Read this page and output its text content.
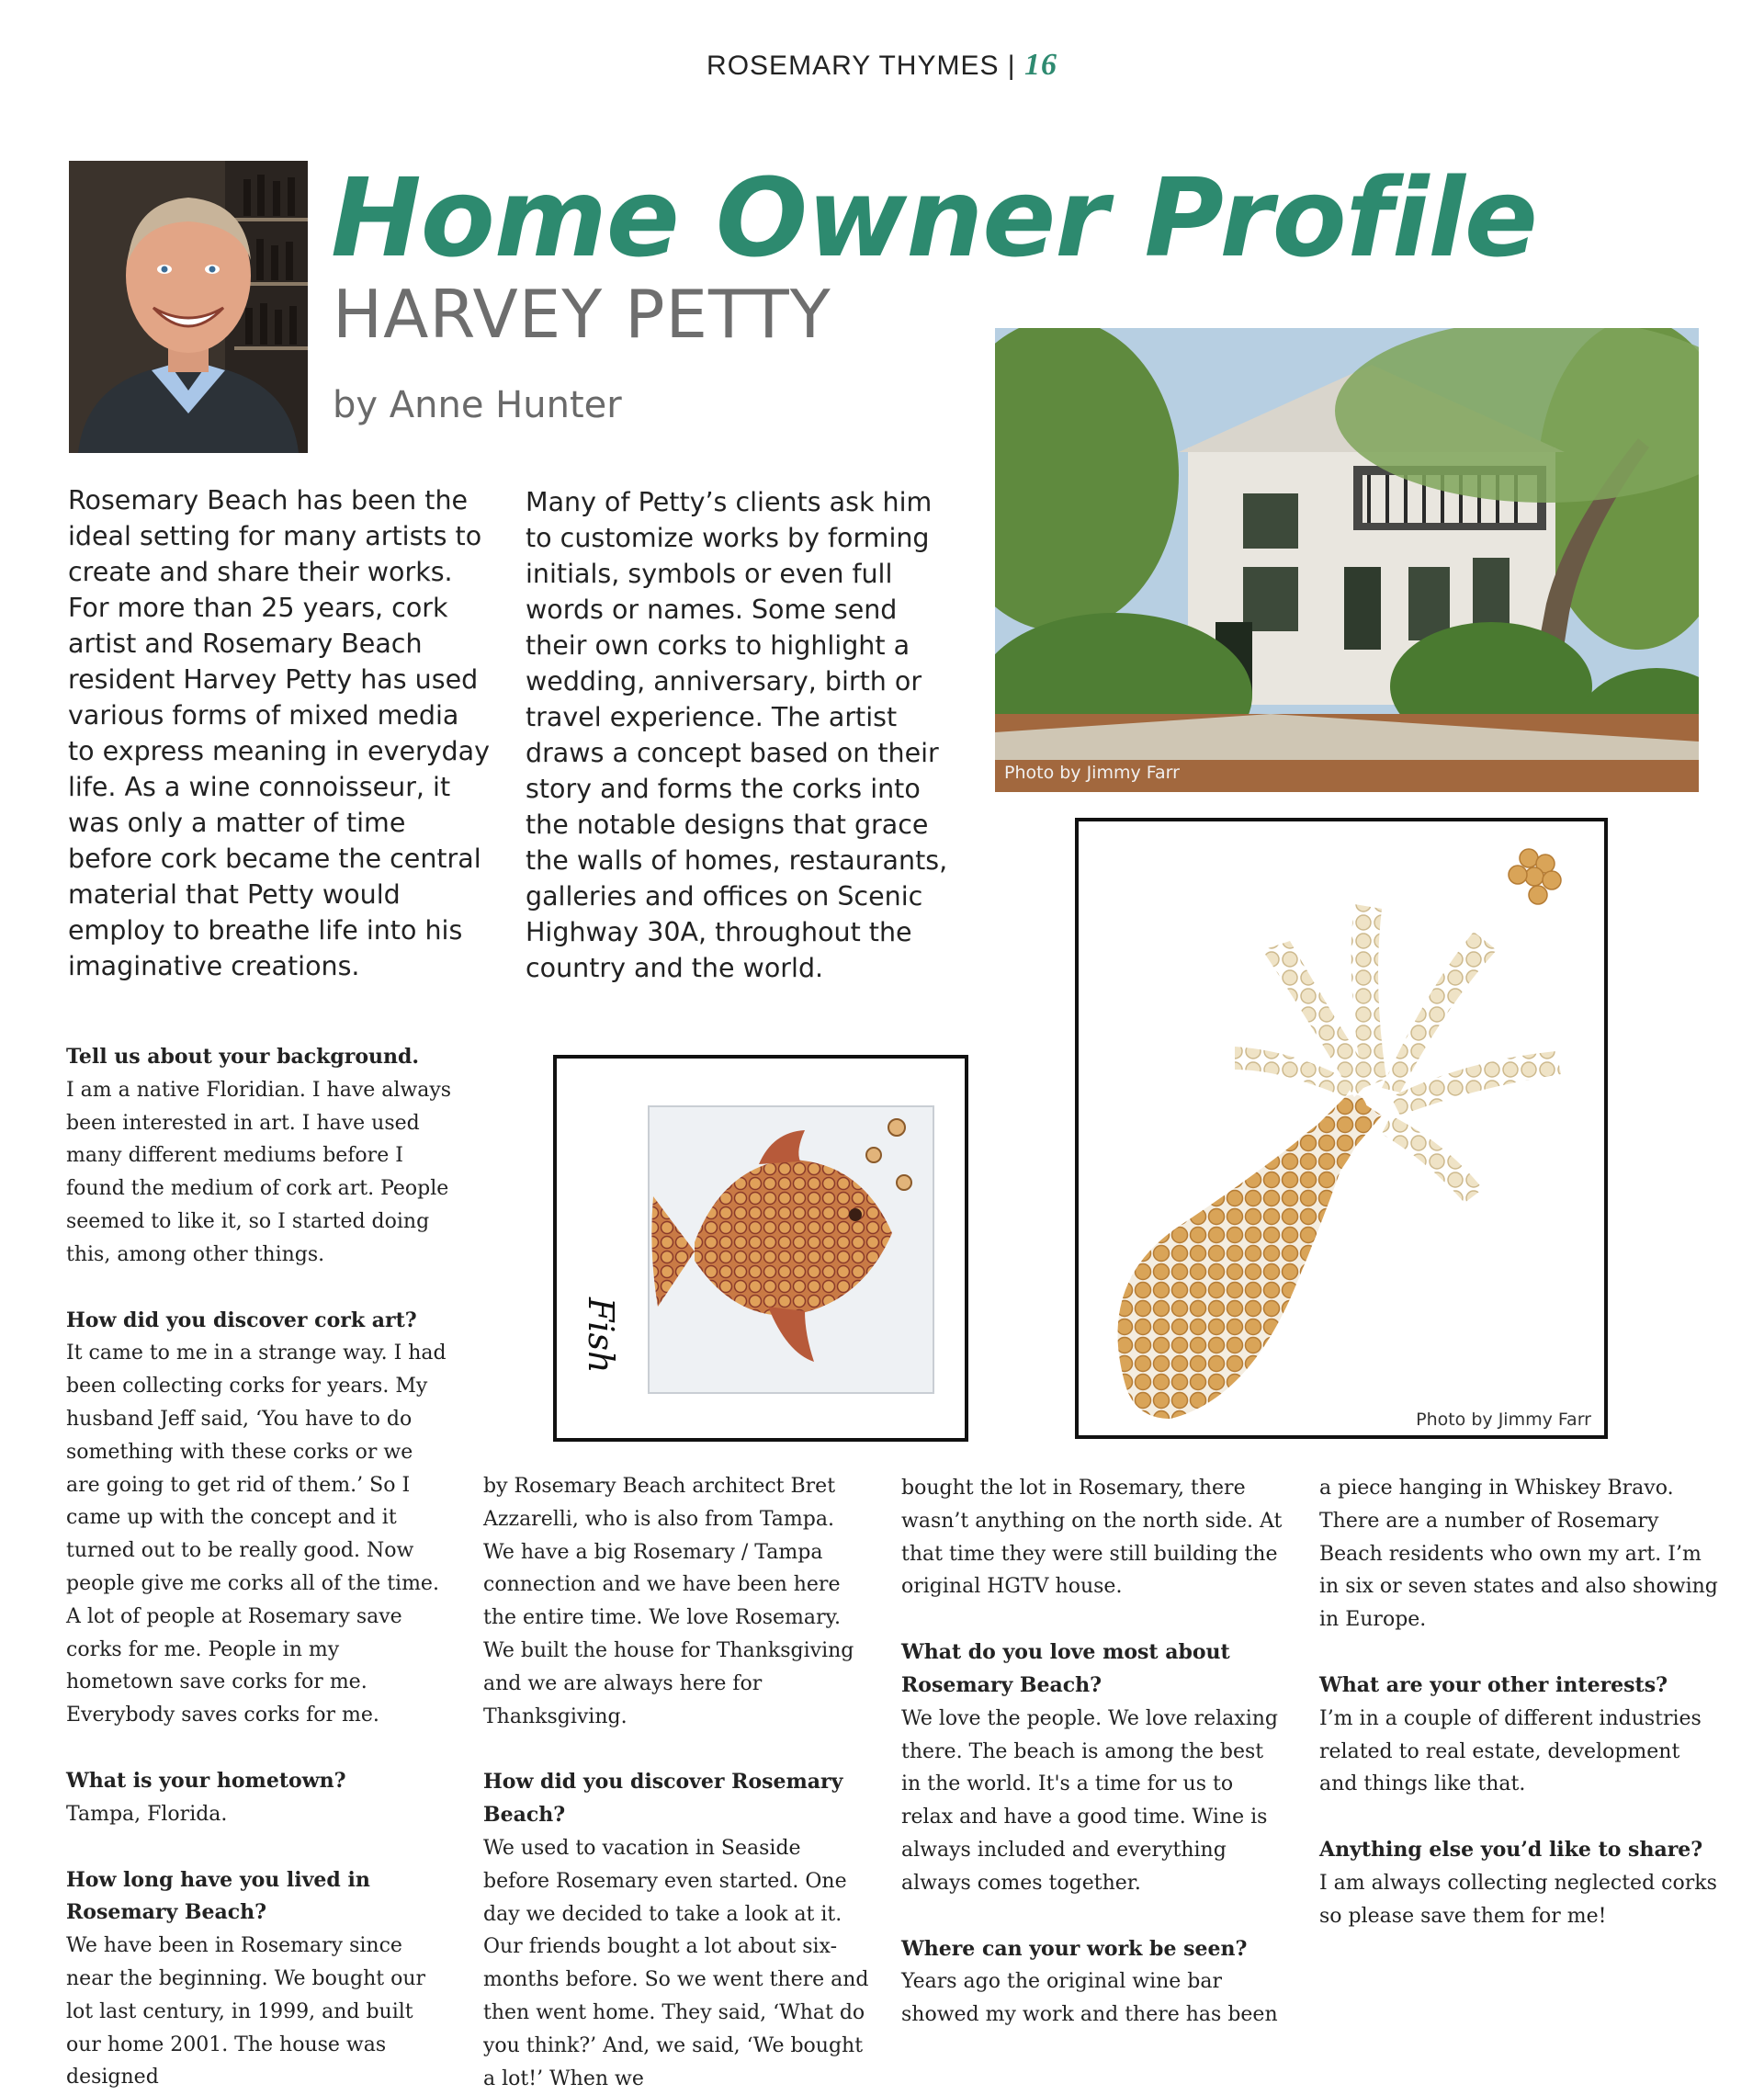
ROSEMARY THYMES | 16
Home Owner Profile
HARVEY PETTY
by Anne Hunter

Rosemary Beach has been the ideal setting for many artists to create and share their works. For more than 25 years, cork artist and Rosemary Beach resident Harvey Petty has used various forms of mixed media to express meaning in everyday life. As a wine connoisseur, it was only a matter of time before cork became the central material that Petty would employ to breathe life into his imaginative creations.

Many of Petty’s clients ask him to customize works by forming initials, symbols or even full words or names. Some send their own corks to highlight a wedding, anniversary, birth or travel experience. The artist draws a concept based on their story and forms the corks into the notable designs that grace the walls of homes, restaurants, galleries and offices on Scenic Highway 30A, throughout the country and the world.

Photo by Jimmy Farr
Photo by Jimmy Farr
Fish

Tell us about your background.
I am a native Floridian. I have always been interested in art. I have used many different mediums before I found the medium of cork art. People seemed to like it, so I started doing this, among other things.

How did you discover cork art?
It came to me in a strange way. I had been collecting corks for years. My husband Jeff said, ‘You have to do something with these corks or we are going to get rid of them.’ So I came up with the concept and it turned out to be really good. Now people give me corks all of the time. A lot of people at Rosemary save corks for me. People in my hometown save corks for me. Everybody saves corks for me.

What is your hometown?
Tampa, Florida.

How long have you lived in Rosemary Beach?
We have been in Rosemary since near the beginning. We bought our lot last century, in 1999, and built our home 2001. The house was designed

by Rosemary Beach architect Bret Azzarelli, who is also from Tampa. We have a big Rosemary / Tampa connection and we have been here the entire time. We love Rosemary. We built the house for Thanksgiving and we are always here for Thanksgiving.

How did you discover Rosemary Beach?
We used to vacation in Seaside before Rosemary even started. One day we decided to take a look at it. Our friends bought a lot about six-months before. So we went there and then went home. They said, ‘What do you think?’ And, we said, ‘We bought a lot!’ When we

bought the lot in Rosemary, there wasn’t anything on the north side. At that time they were still building the original HGTV house.

What do you love most about Rosemary Beach?
We love the people. We love relaxing there. The beach is among the best in the world. It's a time for us to relax and have a good time. Wine is always included and everything always comes together.

Where can your work be seen?
Years ago the original wine bar showed my work and there has been

a piece hanging in Whiskey Bravo. There are a number of Rosemary Beach residents who own my art. I’m in six or seven states and also showing in Europe.

What are your other interests?
I’m in a couple of different industries related to real estate, development and things like that.

Anything else you’d like to share?
I am always collecting neglected corks so please save them for me!
